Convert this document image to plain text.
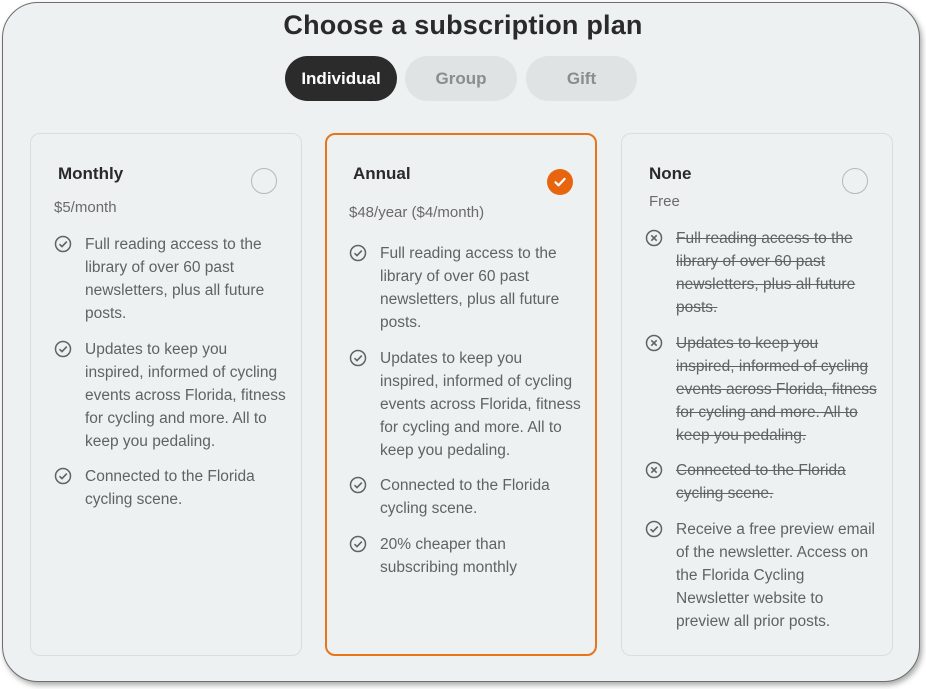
Choose a subscription plan
Individual	Group	Gift
Monthly
$5/month
Full reading access to the library of over 60 past newsletters, plus all future posts.
Updates to keep you inspired, informed of cycling events across Florida, fitness for cycling and more. All to keep you pedaling.
Connected to the Florida cycling scene.
Annual
$48/year ($4/month)
Full reading access to the library of over 60 past newsletters, plus all future posts.
Updates to keep you inspired, informed of cycling events across Florida, fitness for cycling and more. All to keep you pedaling.
Connected to the Florida cycling scene.
20% cheaper than subscribing monthly
None
Free
Full reading access to the library of over 60 past newsletters, plus all future posts.
Updates to keep you inspired, informed of cycling events across Florida, fitness for cycling and more. All to keep you pedaling.
Connected to the Florida cycling scene.
Receive a free preview email of the newsletter. Access on the Florida Cycling Newsletter website to preview all prior posts.
